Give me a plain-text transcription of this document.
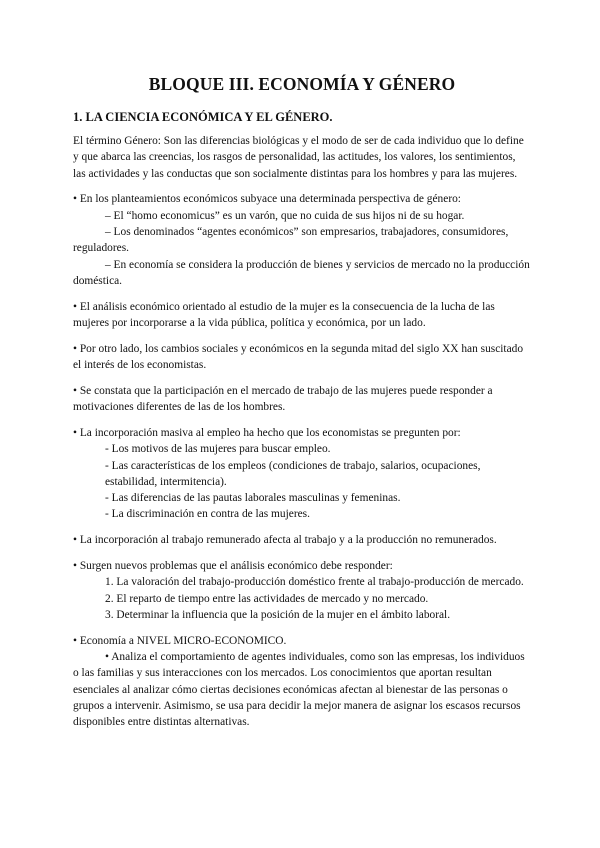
BLOQUE III. ECONOMÍA Y GÉNERO
1. LA CIENCIA ECONÓMICA Y EL GÉNERO.

El término Género: Son las diferencias biológicas y el modo de ser de cada individuo que lo define y que abarca las creencias, los rasgos de personalidad, las actitudes, los valores, los sentimientos, las actividades y las conductas que son socialmente distintas para los hombres y para las mujeres.

• En los planteamientos económicos subyace una determinada perspectiva de género:

– El “homo economicus” es un varón, que no cuida de sus hijos ni de su hogar.

– Los denominados “agentes económicos” son empresarios, trabajadores, consumidores, reguladores.

– En economía se considera la producción de bienes y servicios de mercado no la producción doméstica.

• El análisis económico orientado al estudio de la mujer es la consecuencia de la lucha de las mujeres por incorporarse a la vida pública, política y económica, por un lado.

• Por otro lado, los cambios sociales y económicos en la segunda mitad del siglo XX han suscitado el interés de los economistas.

• Se constata que la participación en el mercado de trabajo de las mujeres puede responder a motivaciones diferentes de las de los hombres.

• La incorporación masiva al empleo ha hecho que los economistas se pregunten por:

- Los motivos de las mujeres para buscar empleo.

- Las características de los empleos (condiciones de trabajo, salarios, ocupaciones, estabilidad, intermitencia).

- Las diferencias de las pautas laborales masculinas y femeninas.

- La discriminación en contra de las mujeres.

• La incorporación al trabajo remunerado afecta al trabajo y a la producción no remunerados.

• Surgen nuevos problemas que el análisis económico debe responder:

1. La valoración del trabajo-producción doméstico frente al trabajo-producción de mercado.

2. El reparto de tiempo entre las actividades de mercado y no mercado.

3. Determinar la influencia que la posición de la mujer en el ámbito laboral.

• Economía a NIVEL MICRO-ECONOMICO.

• Analiza el comportamiento de agentes individuales, como son las empresas, los individuos o las familias y sus interacciones con los mercados. Los conocimientos que aportan resultan esenciales al analizar cómo ciertas decisiones económicas afectan al bienestar de las personas o grupos a intervenir. Asimismo, se usa para decidir la mejor manera de asignar los escasos recursos disponibles entre distintas alternativas.
